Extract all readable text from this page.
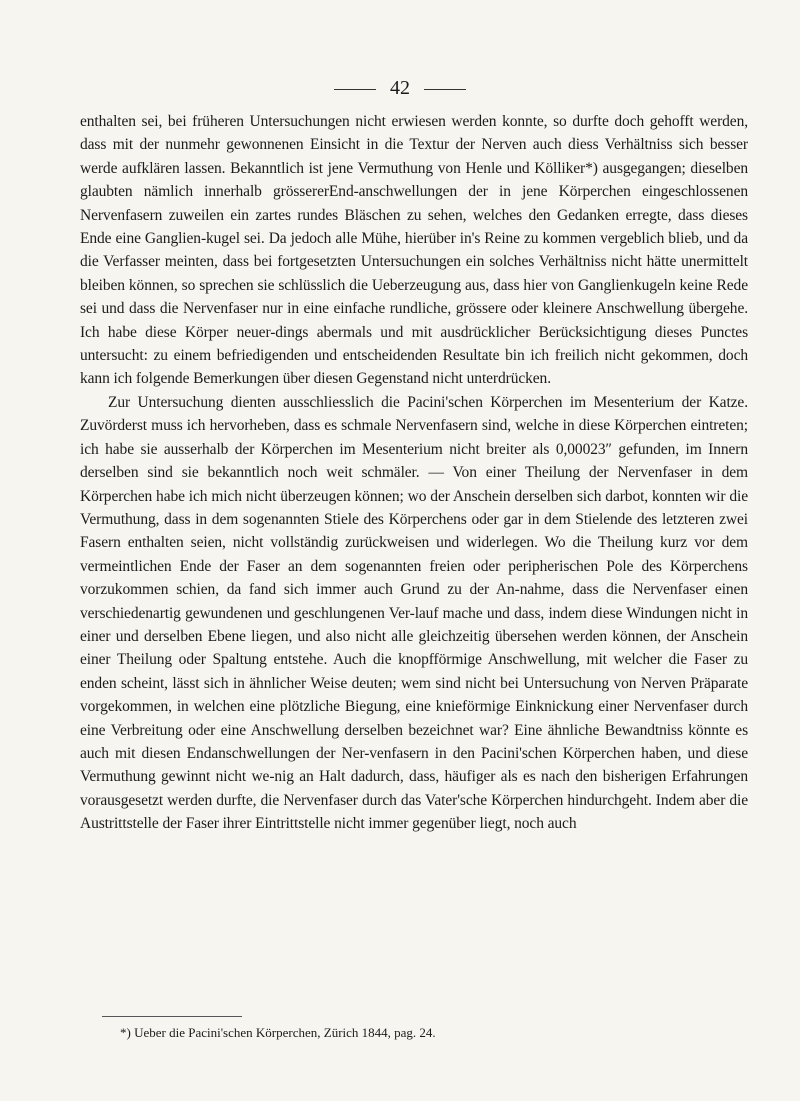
42

enthalten sei, bei früheren Untersuchungen nicht erwiesen werden konnte, so durfte doch gehofft werden, dass mit der nunmehr gewonnenen Einsicht in die Textur der Nerven auch diess Verhältniss sich besser werde aufklären lassen. Bekanntlich ist jene Vermuthung von Henle und Kölliker*) ausgegangen; dieselben glaubten nämlich innerhalb grössererEnd-anschwellungen der in jene Körperchen eingeschlossenen Nervenfasern zuweilen ein zartes rundes Bläschen zu sehen, welches den Gedanken erregte, dass dieses Ende eine Ganglien-kugel sei. Da jedoch alle Mühe, hierüber in's Reine zu kommen vergeblich blieb, und da die Verfasser meinten, dass bei fortgesetzten Untersuchungen ein solches Verhältniss nicht hätte unermittelt bleiben können, so sprechen sie schlüsslich die Ueberzeugung aus, dass hier von Ganglienkugeln keine Rede sei und dass die Nervenfaser nur in eine einfache rundliche, grössere oder kleinere Anschwellung übergehe. Ich habe diese Körper neuer-dings abermals und mit ausdrücklicher Berücksichtigung dieses Punctes untersucht: zu einem befriedigenden und entscheidenden Resultate bin ich freilich nicht gekommen, doch kann ich folgende Bemerkungen über diesen Gegenstand nicht unterdrücken.

Zur Untersuchung dienten ausschliesslich die Pacini'schen Körperchen im Mesenterium der Katze. Zuvörderst muss ich hervorheben, dass es schmale Nervenfasern sind, welche in diese Körperchen eintreten; ich habe sie ausserhalb der Körperchen im Mesenterium nicht breiter als 0,00023″ gefunden, im Innern derselben sind sie bekanntlich noch weit schmäler. — Von einer Theilung der Nervenfaser in dem Körperchen habe ich mich nicht überzeugen können; wo der Anschein derselben sich darbot, konnten wir die Vermuthung, dass in dem sogenannten Stiele des Körperchens oder gar in dem Stielende des letzteren zwei Fasern enthalten seien, nicht vollständig zurückweisen und widerlegen. Wo die Theilung kurz vor dem vermeintlichen Ende der Faser an dem sogenannten freien oder peripherischen Pole des Körperchens vorzukommen schien, da fand sich immer auch Grund zu der An-nahme, dass die Nervenfaser einen verschiedenartig gewundenen und geschlungenen Ver-lauf mache und dass, indem diese Windungen nicht in einer und derselben Ebene liegen, und also nicht alle gleichzeitig übersehen werden können, der Anschein einer Theilung oder Spaltung entstehe. Auch die knopfförmige Anschwellung, mit welcher die Faser zu enden scheint, lässt sich in ähnlicher Weise deuten; wem sind nicht bei Untersuchung von Nerven Präparate vorgekommen, in welchen eine plötzliche Biegung, eine knieförmige Einknickung einer Nervenfaser durch eine Verbreitung oder eine Anschwellung derselben bezeichnet war? Eine ähnliche Bewandtniss könnte es auch mit diesen Endanschwellungen der Ner-venfasern in den Pacini'schen Körperchen haben, und diese Vermuthung gewinnt nicht we-nig an Halt dadurch, dass, häufiger als es nach den bisherigen Erfahrungen vorausgesetzt werden durfte, die Nervenfaser durch das Vater'sche Körperchen hindurchgeht. Indem aber die Austrittstelle der Faser ihrer Eintrittstelle nicht immer gegenüber liegt, noch auch

*) Ueber die Pacini'schen Körperchen, Zürich 1844, pag. 24.
